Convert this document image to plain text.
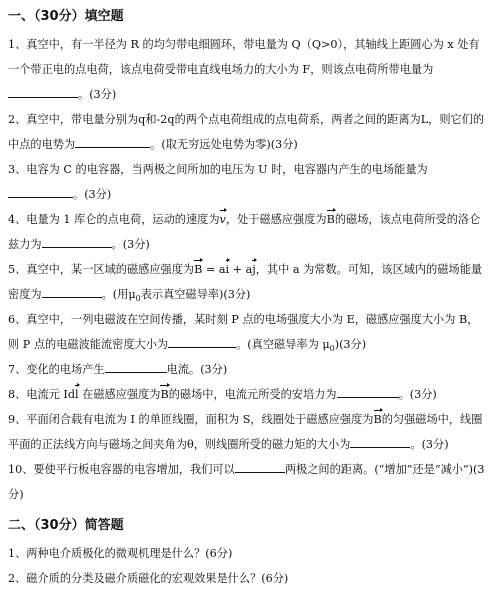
一、（30分）填空题

1、真空中，有一半径为 R 的均匀带电细圆环，带电量为 Q（Q>0），其轴线上距圆心为 x 处有一个带正电的点电荷，该点电荷受带电直线电场力的大小为 F，则该点电荷所带电量为。(3分)

2、真空中，带电量分别为q和-2q的两个点电荷组成的点电荷系，两者之间的距离为L，则它们的中点的电势为	。(取无穷远处电势为零)(3分)

3、电容为 C 的电容器，当两极之间所加的电压为 U 时，电容器内产生的电场能量为。(3分)

4、电量为 1 库仑的点电荷，运动的速度为v，处于磁感应强度为B的磁场，该点电荷所受的洛仑兹力为	。(3分)

5、真空中，某一区域的磁感应强度为B = ai + aj，其中 a 为常数。可知，该区域内的磁场能量密度为	。(用$\mu_0$表示真空磁导率)(3分)

6、真空中，一列电磁波在空间传播，某时刻 P 点的电场强度大小为 E，磁感应强度大小为 B，则 P 点的电磁波能流密度大小为	。(真空磁导率为 $\mu_0)(3$分)

7、变化的电场产生	电流。(3分)

8、电流元 Idl 在磁感应强度为B的磁场中，电流元所受的安培力为	。(3分)

9、平面闭合载有电流为 I 的单匝线圈，面积为 S，线圈处于磁感应强度为B的匀强磁场中，线圈平面的正法线方向与磁场之间夹角为θ，则线圈所受的磁力矩的大小为	。(3分)

10、要使平行板电容器的电容增加，我们可以	两极之间的距离。(“增加”还是“减小”)(3分)

二、（30分）简答题

1、两种电介质极化的微观机理是什么？(6分)

2、磁介质的分类及磁介质磁化的宏观效果是什么？(6分)
